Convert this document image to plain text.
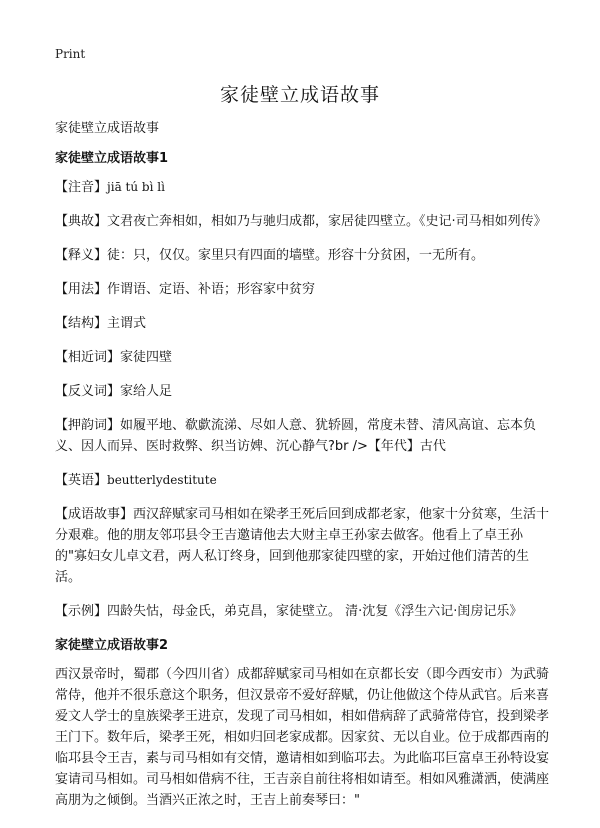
Print
家徒壁立成语故事

家徒壁立成语故事

家徒壁立成语故事1

【注音】jiā tú bì lì

【典故】文君夜亡奔相如，相如乃与驰归成都，家居徒四壁立。《史记·司马相如列传》

【释义】徒：只，仅仅。家里只有四面的墙壁。形容十分贫困，一无所有。

【用法】作谓语、定语、补语；形容家中贫穷

【结构】主谓式

【相近词】家徒四壁

【反义词】家给人足

【押韵词】如履平地、欷歔流涕、尽如人意、犹轿圆，常度未替、清风高谊、忘本负义、因人而异、医时救弊、织当访婢、沉心静气?br />【年代】古代

【英语】beutterlydestitute

【成语故事】西汉辞赋家司马相如在梁孝王死后回到成都老家，他家十分贫寒，生活十分艰难。他的朋友邻邛县令王吉邀请他去大财主卓王孙家去做客。他看上了卓王孙的"寡妇女儿卓文君，两人私订终身，回到他那家徒四壁的家，开始过他们清苦的生活。

【示例】四龄失怙，母金氏，弟克昌，家徒壁立。 清·沈复《浮生六记·闺房记乐》

家徒壁立成语故事2

西汉景帝时，蜀郡（今四川省）成都辞赋家司马相如在京都长安（即今西安市）为武骑常侍，他并不很乐意这个职务，但汉景帝不爱好辞赋，仍让他做这个侍从武官。后来喜爱文人学士的皇族梁孝王进京，发现了司马相如，相如借病辞了武骑常侍官，投到梁孝王门下。数年后，梁孝王死，相如归回老家成都。因家贫、无以自业。位于成都西南的临邛县令王吉，素与司马相如有交情，邀请相如到临邛去。为此临邛巨富卓王孙特设宴宴请司马相如。司马相如借病不往，王吉亲自前往将相如请至。相如风雅潇洒，使满座高朋为之倾倒。当酒兴正浓之时，王吉上前奏琴曰："
